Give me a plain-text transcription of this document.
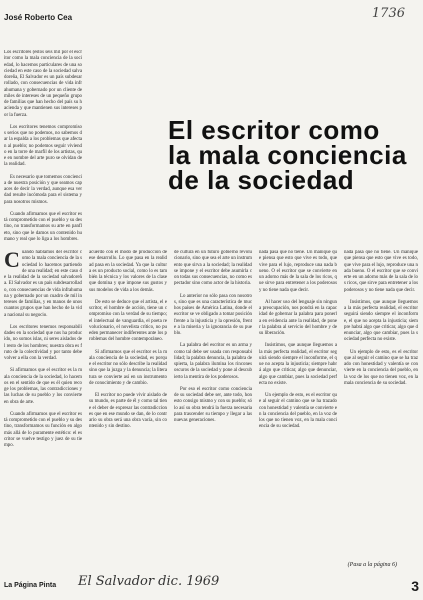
José Roberto Cea	1736
El escritor como
la mala conciencia
de la sociedad

Los escritores (estos seis mil por el escritor como la mala conciencia de la sociedad, lo hacemos particulares de una sociedad en este caso de la sociedad salvadoreña, El Salvador es un país subdesarrollado, con consecuencias de vida infrahumana y gobernado por un cliente de miles de intereses de un pequeño grupo de familias que han hecho del país su hacienda y que mantienen sus intereses por la fuerza.

Los escritores tenemos compromisos serios que no podemos, no sabemos dar la espalda a los problemas que afectan al pueblo; no podemos seguir viviendo en la torre de marfil de los artistas, que en nombre del arte puro se olvidan de la realidad.

Es necesario que tomemos conciencia de nuestra posición y que seamos capaces de decir la verdad, aunque esa verdad resulte incómoda para el sistema y para nosotros mismos.

Cuando afirmamos que el escritor está comprometido con el pueblo y su destino, no transformamos su arte en panfleto, sino que le damos un contenido humano y real que lo liga a los hombres.

Cuando hablamos del escritor como la mala conciencia de la sociedad lo hacemos partiendo de una realidad; en este caso de la realidad de la sociedad salvadoreña. El Salvador es un país subdesarrollado, con consecuencias de vida infrahumana y gobernado por un cuadro de mil intereses de familias, y en manos de unos cuantos grupos que han hecho de la vida nacional su negocio.

Los escritores tenemos responsabilidades en la sociedad que nos ha producido, no somos islas, ni seres aislados del resto de los hombres; nuestra obra es fruto de la colectividad y por tanto debe volver a ella con la verdad.

Si afirmamos que el escritor es la mala conciencia de la sociedad, lo hacemos en el sentido de que es él quien recoge los problemas, las contradicciones y las luchas de su pueblo y los convierte en obra de arte.

Cuando afirmamos que el escritor está comprometido con el pueblo y su destino, transformamos su función en algo más allá de lo puramente estético: el escritor se vuelve testigo y juez de su tiempo.

acuerdo con el modo de producción de ese desarrollo. Lo que pasa en la realidad pasa en la sociedad. Ya que la cultura es un producto social, como lo es también la técnica y los valores de la clase que domina y que impone sus gustos y sus modelos de vida a los demás.

De esto se deduce que el artista, el escritor, el hombre de acción, tiene un compromiso con la verdad de su tiempo; el intelectual de vanguardia, el poeta revolucionario, el novelista crítico, no pueden permanecer indiferentes ante los problemas del hombre contemporáneo.

Sí afirmamos que el escritor es la mala conciencia de la sociedad, es porque el escritor no sólo describe la realidad sino que la juzga y la denuncia; la literatura se convierte así en un instrumento de conocimiento y de cambio.

El escritor no puede vivir aislado de su mundo, es parte de él y como tal tiene el deber de expresar las contradicciones que en ese mundo se dan, de lo contrario su obra será una obra vacía, sin contenido y sin destino.

de cultura en un futuro gobierno revolucionario, sino que sea el arte un instrumento que sirva a la sociedad; la realidad se impone y el escritor debe asumirla con todas sus consecuencias, no como espectador sino como actor de la historia.

Lo anterior no sólo pasa con nosotros, sino que es una característica de muchos países de América Latina, donde el escritor se ve obligado a tomar posición frente a la injusticia y la opresión, frente a la miseria y la ignorancia de su pueblo.

La palabra del escritor es un arma y como tal debe ser usada con responsabilidad; la palabra denuncia, la palabra despierta, la palabra ilumina los rincones oscuros de la sociedad y pone al descubierto la mentira de los poderosos.

Por eso el escritor como conciencia de su sociedad debe ser, ante todo, honesto consigo mismo y con su pueblo; sólo así su obra tendrá la fuerza necesaria para trascender su tiempo y llegar a las nuevas generaciones.

nada pasa que no tiene. Un manique que piensa que esto que vive es todo, que vive para el lujo, reproduce una nada bueno. O el escritor que se convierte en un adorno más de la sala de los ricos, que sirve para entretener a los poderosos y no tiene nada que decir.

Al hacer uso del lenguaje sin ninguna preocupación, nos pondrá en la capacidad de gobernar la palabra para ponerla en evidencia ante la realidad, de poner la palabra al servicio del hombre y de su liberación.

Insistimos, que aunque lleguemos a la más perfecta realidad, el escritor seguirá siendo siempre el inconforme, el que no acepta la injusticia; siempre habrá algo que criticar, algo que denunciar, algo que cambiar, pues la sociedad perfecta no existe.

Un ejemplo de esto, es el escritor que al seguir el camino que se ha trazado con honestidad y valentía se convierte en la conciencia del pueblo, en la voz de los que no tienen voz, en la mala conciencia de su sociedad.

nada pasa que no tiene. Un manique que piensa que esto que vive es todo, que vive para el lujo, reproduce una nada bueno. O el escritor que se convierte en un adorno más de la sala de los ricos, que sirve para entretener a los poderosos y no tiene nada que decir.

Insistimos, que aunque lleguemos a la más perfecta realidad, el escritor seguirá siendo siempre el inconforme, el que no acepta la injusticia; siempre habrá algo que criticar, algo que denunciar, algo que cambiar, pues la sociedad perfecta no existe.

Un ejemplo de esto, es el escritor que al seguir el camino que se ha trazado con honestidad y valentía se convierte en la conciencia del pueblo, en la voz de los que no tienen voz, en la mala conciencia de su sociedad.

(Pasa a la página 6)
La Página Pinta El Salvador dic. 1969	3
